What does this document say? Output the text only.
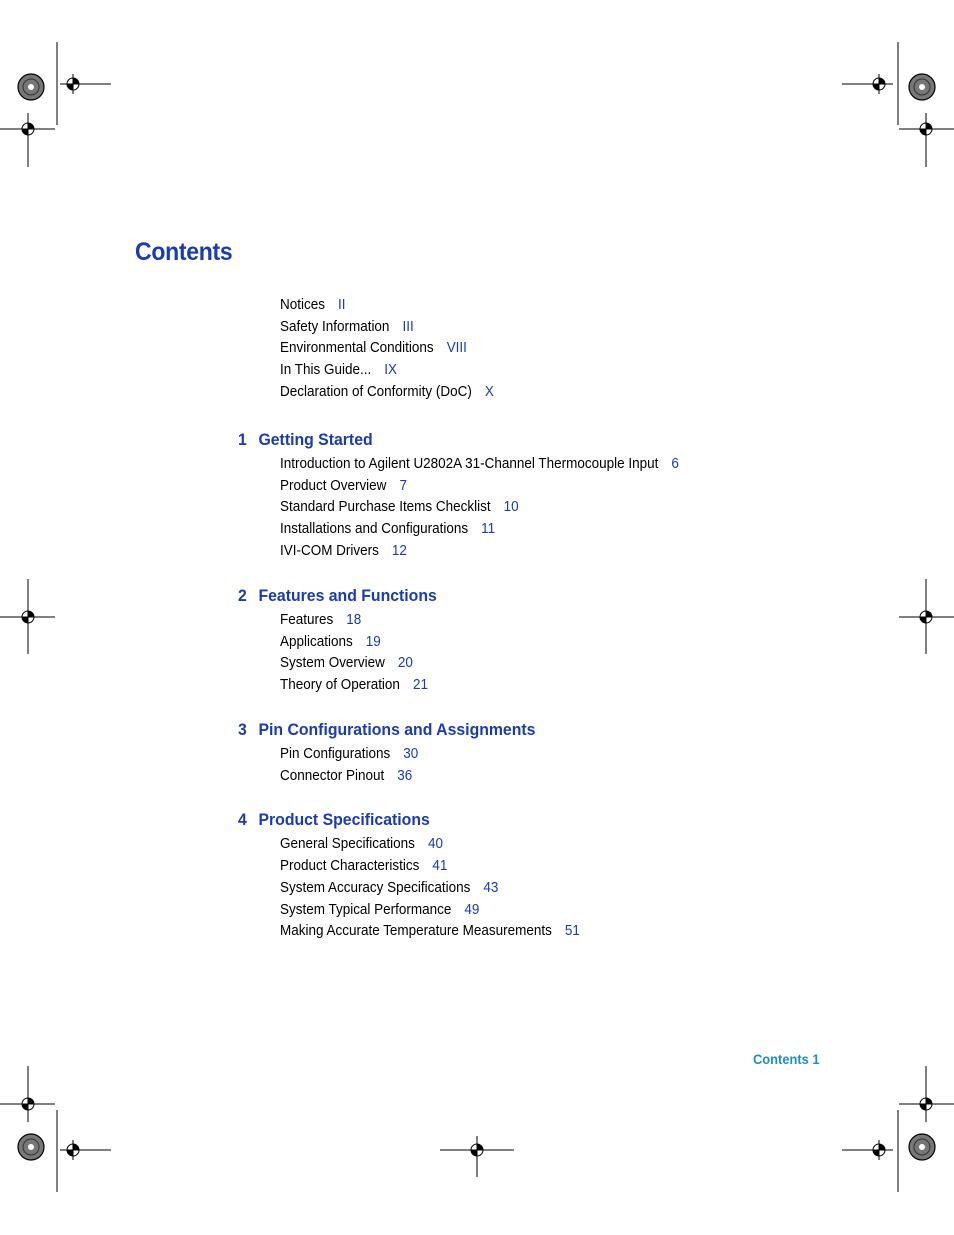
Contents
Notices II
Safety Information III
Environmental Conditions VIII
In This Guide... IX
Declaration of Conformity (DoC) X
1 Getting Started
Introduction to Agilent U2802A 31-Channel Thermocouple Input 6
Product Overview 7
Standard Purchase Items Checklist 10
Installations and Configurations 11
IVI-COM Drivers 12
2 Features and Functions
Features 18
Applications 19
System Overview 20
Theory of Operation 21
3 Pin Configurations and Assignments
Pin Configurations 30
Connector Pinout 36
4 Product Specifications
General Specifications 40
Product Characteristics 41
System Accuracy Specifications 43
System Typical Performance 49
Making Accurate Temperature Measurements 51
Contents 1
